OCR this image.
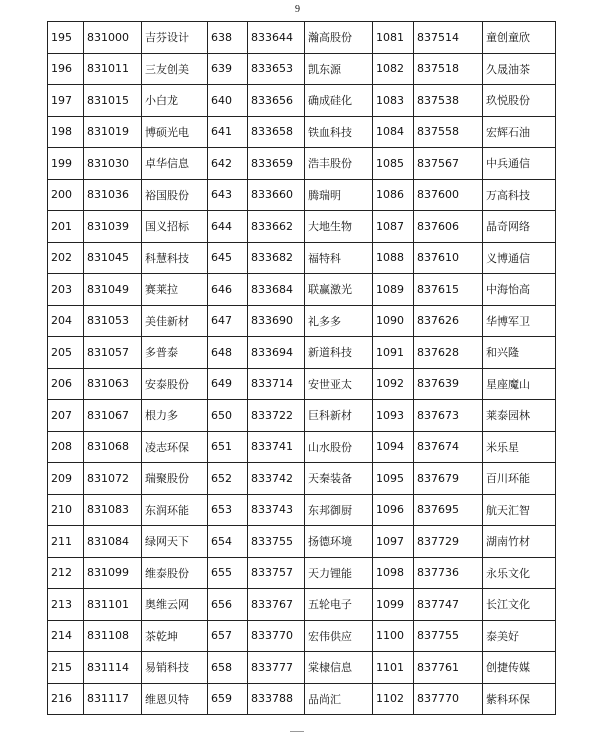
9
195	831000	吉芬设计	638	833644	瀚高股份	1081	837514	童创童欣
196	831011	三友创美	639	833653	凯东源	1082	837518	久晟油茶
197	831015	小白龙	640	833656	确成硅化	1083	837538	玖悦股份
198	831019	博硕光电	641	833658	铁血科技	1084	837558	宏辉石油
199	831030	卓华信息	642	833659	浩丰股份	1085	837567	中兵通信
200	831036	裕国股份	643	833660	腾瑞明	1086	837600	万高科技
201	831039	国义招标	644	833662	大地生物	1087	837606	晶奇网络
202	831045	科慧科技	645	833682	福特科	1088	837610	义博通信
203	831049	赛莱拉	646	833684	联赢激光	1089	837615	中海怡高
204	831053	美佳新材	647	833690	礼多多	1090	837626	华博军卫
205	831057	多普泰	648	833694	新道科技	1091	837628	和兴隆
206	831063	安泰股份	649	833714	安世亚太	1092	837639	星座魔山
207	831067	根力多	650	833722	巨科新材	1093	837673	莱泰园林
208	831068	凌志环保	651	833741	山水股份	1094	837674	米乐星
209	831072	瑞聚股份	652	833742	天秦装备	1095	837679	百川环能
210	831083	东润环能	653	833743	东邦御厨	1096	837695	航天汇智
211	831084	绿网天下	654	833755	扬德环境	1097	837729	湖南竹材
212	831099	维泰股份	655	833757	天力锂能	1098	837736	永乐文化
213	831101	奥维云网	656	833767	五轮电子	1099	837747	长江文化
214	831108	茶乾坤	657	833770	宏伟供应	1100	837755	泰美好
215	831114	易销科技	658	833777	棠棣信息	1101	837761	创捷传媒
216	831117	维恩贝特	659	833788	品尚汇	1102	837770	紫科环保
